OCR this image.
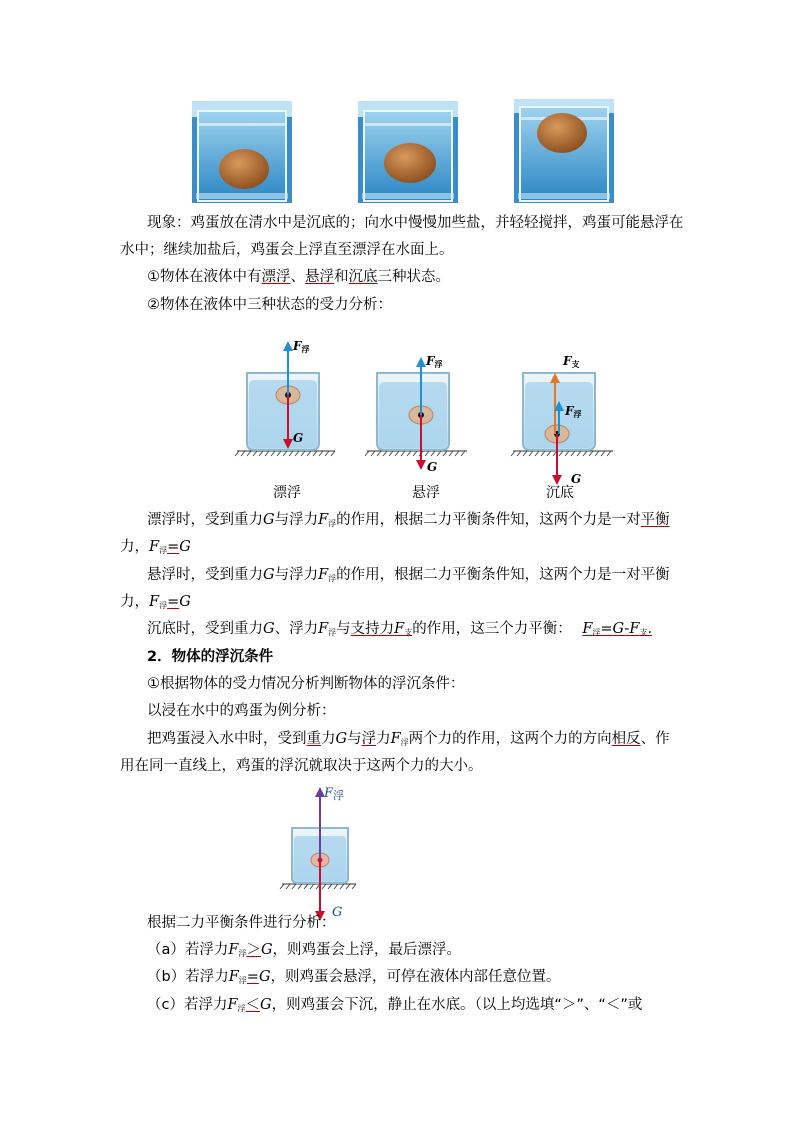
现象：鸡蛋放在清水中是沉底的；向水中慢慢加些盐，并轻轻搅拌，鸡蛋可能悬浮在
水中；继续加盐后，鸡蛋会上浮直至漂浮在水面上。
①物体在液体中有漂浮、悬浮和沉底三种状态。
②物体在液体中三种状态的受力分析：
$F_浮$
G
$F_浮$
G
$F_支$
$F_浮$
G
漂浮	悬浮	沉底
漂浮时，受到重力G与浮力$F_浮$的作用，根据二力平衡条件知，这两个力是一对平衡
力，$F_浮=G$
悬浮时，受到重力G与浮力$F_浮$的作用，根据二力平衡条件知，这两个力是一对平衡
力，$F_浮=G$
沉底时，受到重力G、浮力$F_浮$与支持力$F_支$的作用，这三个力平衡： $F_浮=G-F_支$.
2．物体的浮沉条件
①根据物体的受力情况分析判断物体的浮沉条件：
以浸在水中的鸡蛋为例分析：
把鸡蛋浸入水中时，受到重力G与浮力$F_浮$两个力的作用，这两个力的方向相反、作
用在同一直线上，鸡蛋的浮沉就取决于这两个力的大小。
F浮
G
根据二力平衡条件进行分析：
（a）若浮力$F_浮>G$，则鸡蛋会上浮，最后漂浮。
（b）若浮力$F_浮=G$，则鸡蛋会悬浮，可停在液体内部任意位置。
（c）若浮力$F_浮<G$，则鸡蛋会下沉，静止在水底。（以上均选填“＞”、“＜”或
